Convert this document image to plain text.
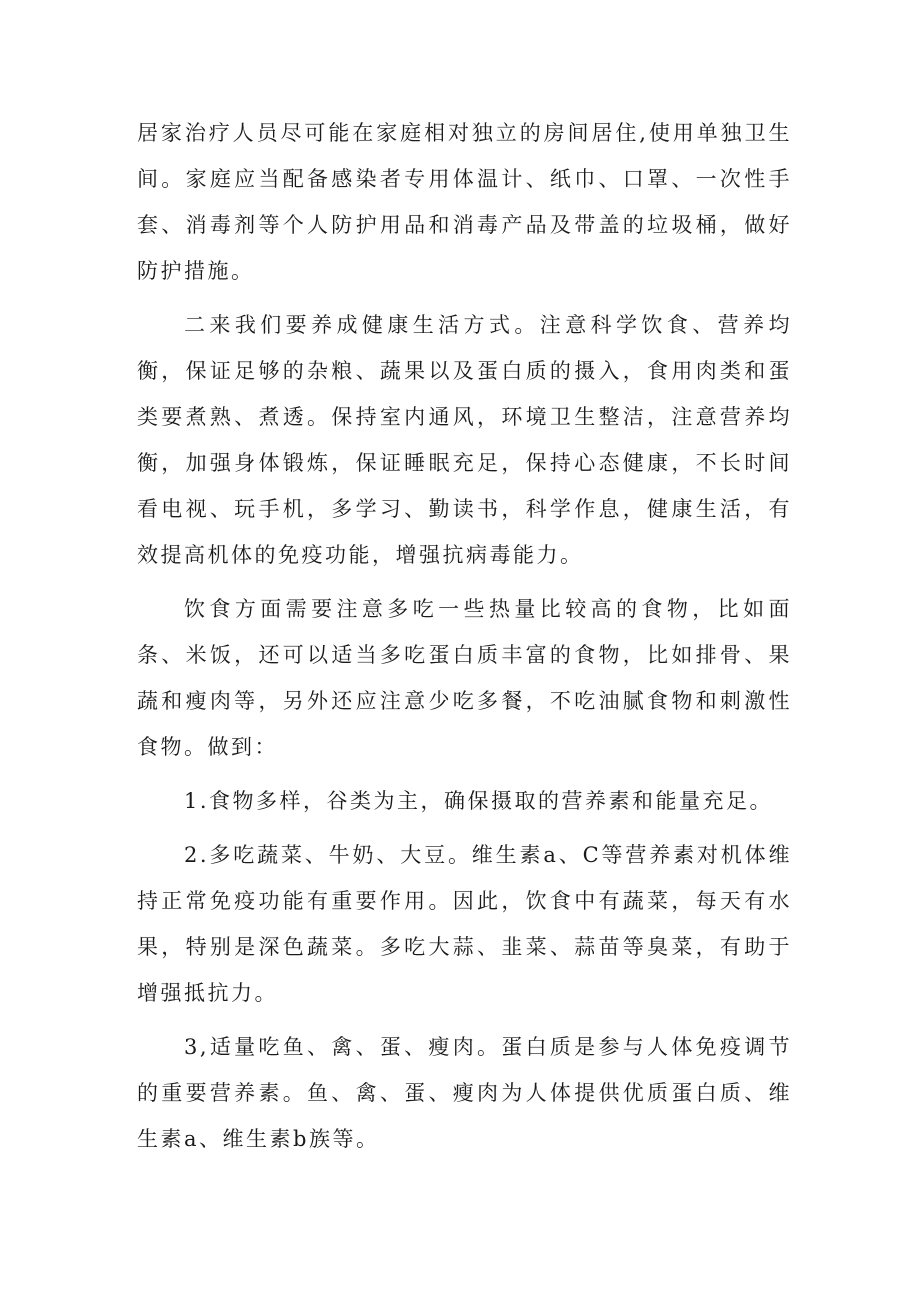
居家治疗人员尽可能在家庭相对独立的房间居住,使用单独卫生间。家庭应当配备感染者专用体温计、纸巾、口罩、一次性手套、消毒剂等个人防护用品和消毒产品及带盖的垃圾桶，做好防护措施。

二来我们要养成健康生活方式。注意科学饮食、营养均衡，保证足够的杂粮、蔬果以及蛋白质的摄入，食用肉类和蛋类要煮熟、煮透。保持室内通风，环境卫生整洁，注意营养均衡，加强身体锻炼，保证睡眠充足，保持心态健康，不长时间看电视、玩手机，多学习、勤读书，科学作息，健康生活，有效提高机体的免疫功能，增强抗病毒能力。

饮食方面需要注意多吃一些热量比较高的食物，比如面条、米饭，还可以适当多吃蛋白质丰富的食物，比如排骨、果蔬和瘦肉等，另外还应注意少吃多餐，不吃油腻食物和刺激性食物。做到：

1.食物多样，谷类为主，确保摄取的营养素和能量充足。

2.多吃蔬菜、牛奶、大豆。维生素a、C等营养素对机体维持正常免疫功能有重要作用。因此，饮食中有蔬菜，每天有水果，特别是深色蔬菜。多吃大蒜、韭菜、蒜苗等臭菜，有助于增强抵抗力。

3,适量吃鱼、禽、蛋、瘦肉。蛋白质是参与人体免疫调节的重要营养素。鱼、禽、蛋、瘦肉为人体提供优质蛋白质、维生素a、维生素b族等。
